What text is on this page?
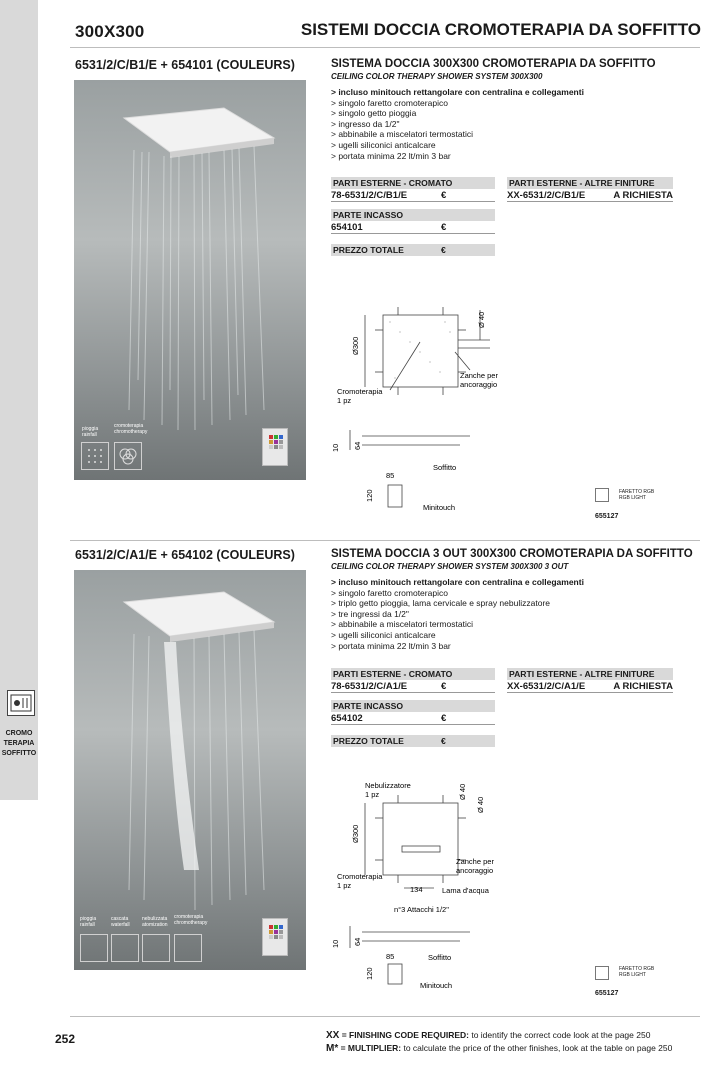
CROMO
TERAPIA
SOFFITTO
300X300	SISTEMI DOCCIA CROMOTERAPIA DA SOFFITTO
6531/2/C/B1/E + 654101 (COULEURS)
pioggia
rainfall
cromoterapia
chromotherapy
SISTEMA DOCCIA 300X300 CROMOTERAPIA DA SOFFITTO
CEILING COLOR THERAPY SHOWER SYSTEM 300X300
> incluso minitouch rettangolare con centralina e collegamenti
> singolo faretto cromoterapico
> singolo getto pioggia
> ingresso da 1/2"
> abbinabile a miscelatori termostatici
> ugelli siliconici anticalcare
> portata minima 22 lt/min 3 bar
PARTI ESTERNE - CROMATO
78-6531/2/C/B1/E	€
PARTE INCASSO
654101	€
PREZZO TOTALE	€
PARTI ESTERNE - ALTRE FINITURE
XX-6531/2/C/B1/E	A RICHIESTA
Ø300
Ø 40
Zanche per
ancoraggio
Cromoterapia
1 pz
10 64
Soffitto
85
120
Minitouch
FARETTO RGB
RGB LIGHT
655127
6531/2/C/A1/E + 654102 (COULEURS)
pioggia
rainfall
cascata
waterfall
nebulizzata
atomization
cromoterapia
chromotherapy
SISTEMA DOCCIA 3 OUT 300X300 CROMOTERAPIA DA SOFFITTO
CEILING COLOR THERAPY SHOWER SYSTEM 300X300 3 OUT
> incluso minitouch rettangolare con centralina e collegamenti
> singolo faretto cromoterapico
> triplo getto pioggia, lama cervicale e spray nebulizzatore
> tre ingressi da 1/2"
> abbinabile a miscelatori termostatici
> ugelli siliconici anticalcare
> portata minima 22 lt/min 3 bar
PARTI ESTERNE - CROMATO
78-6531/2/C/A1/E	€
PARTE INCASSO
654102	€
PREZZO TOTALE	€
PARTI ESTERNE - ALTRE FINITURE
XX-6531/2/C/A1/E	A RICHIESTA
Nebulizzatore
1 pz
Ø300
Ø 40
Ø 40
Zanche per
ancoraggio
Cromoterapia
1 pz	134	Lama d'acqua
n°3 Attacchi 1/2"
10 64
Soffitto
85
120
Minitouch
FARETTO RGB
RGB LIGHT
655127
252	XX = FINISHING CODE REQUIRED: to identify the correct code look at the page 250
M* = MULTIPLIER: to calculate the price of the other finishes, look at the table on page 250
